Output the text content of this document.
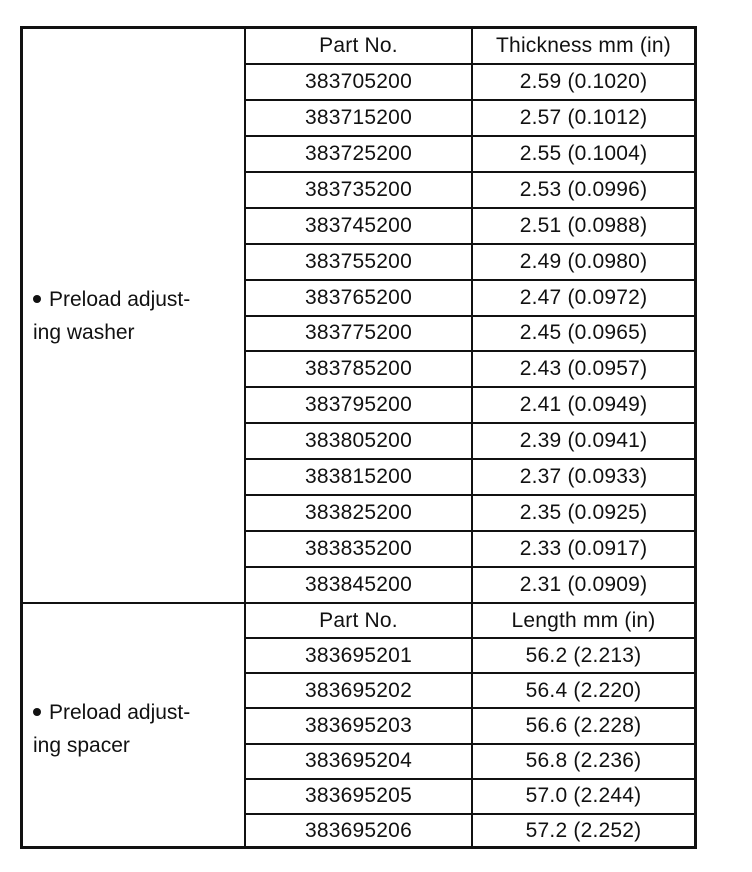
Preload adjust-
ing washer
Part No.	Thickness mm (in)
383705200	2.59 (0.1020)
383715200	2.57 (0.1012)
383725200	2.55 (0.1004)
383735200	2.53 (0.0996)
383745200	2.51 (0.0988)
383755200	2.49 (0.0980)
383765200	2.47 (0.0972)
383775200	2.45 (0.0965)
383785200	2.43 (0.0957)
383795200	2.41 (0.0949)
383805200	2.39 (0.0941)
383815200	2.37 (0.0933)
383825200	2.35 (0.0925)
383835200	2.33 (0.0917)
383845200	2.31 (0.0909)
Preload adjust-
ing spacer
Part No.	Length mm (in)
383695201	56.2 (2.213)
383695202	56.4 (2.220)
383695203	56.6 (2.228)
383695204	56.8 (2.236)
383695205	57.0 (2.244)
383695206	57.2 (2.252)
